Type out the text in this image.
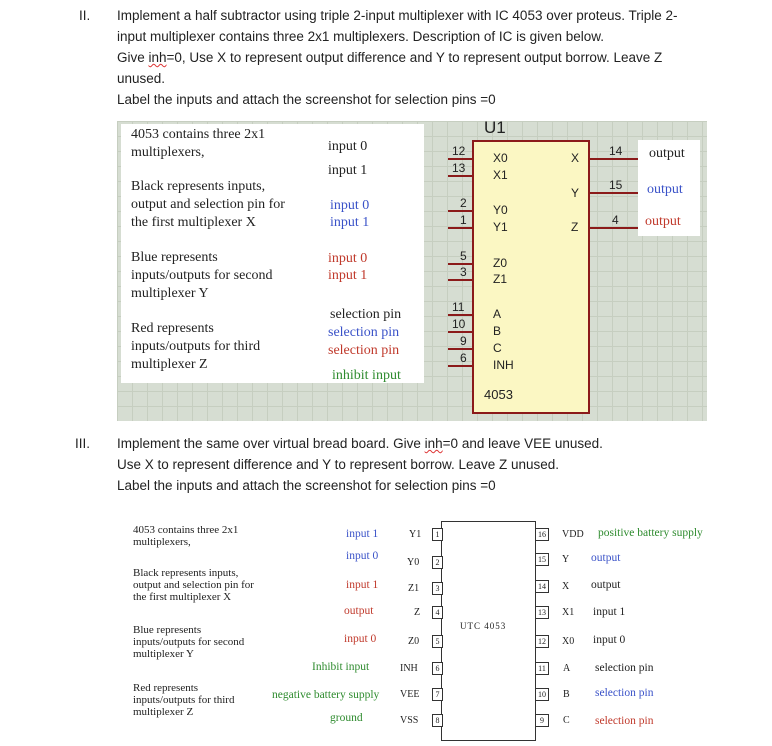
II. Implement a half subtractor using triple 2-input multiplexer with IC 4053 over proteus. Triple 2-
input multiplexer contains three 2x1 multiplexers. Description of IC is given below.
Give inh=0, Use X to represent output difference and Y to represent output borrow. Leave Z
unused.
Label the inputs and attach the screenshot for selection pins =0
4053 contains three 2x1
multiplexers,
Black represents inputs,
output and selection pin for
the first multiplexer X
Blue represents
inputs/outputs for second
multiplexer Y
Red represents
inputs/outputs for third
multiplexer Z
input 0
input 1
input 0
input 1
input 0
input 1
selection pin
selection pin
selection pin
inhibit input
output
output
output
U1
4053
12
13
2
1
5
3
11
10
9
6
X0
X1
Y0
Y1
Z0
Z1
A
B
C
INH
14
15
4
X
Y
Z
III. Implement the same over virtual bread board. Give inh=0 and leave VEE unused.
Use X to represent difference and Y to represent borrow. Leave Z unused.
Label the inputs and attach the screenshot for selection pins =0
4053 contains three 2x1
multiplexers,
Black represents inputs,
output and selection pin for
the first multiplexer X
Blue represents
inputs/outputs for second
multiplexer Y
Red represents
inputs/outputs for third
multiplexer Z
UTC 4053
1
2
3
4
5
6
7
8
Y1
Y0
Z1
Z
Z0
INH
VEE
VSS
input 1
input 0
input 1
output
input 0
Inhibit input
negative battery supply
ground
16
15
14
13
12
11
10
9
VDD
Y
X
X1
X0
A
B
C
positive battery supply
output
output
input 1
input 0
selection pin
selection pin
selection pin
